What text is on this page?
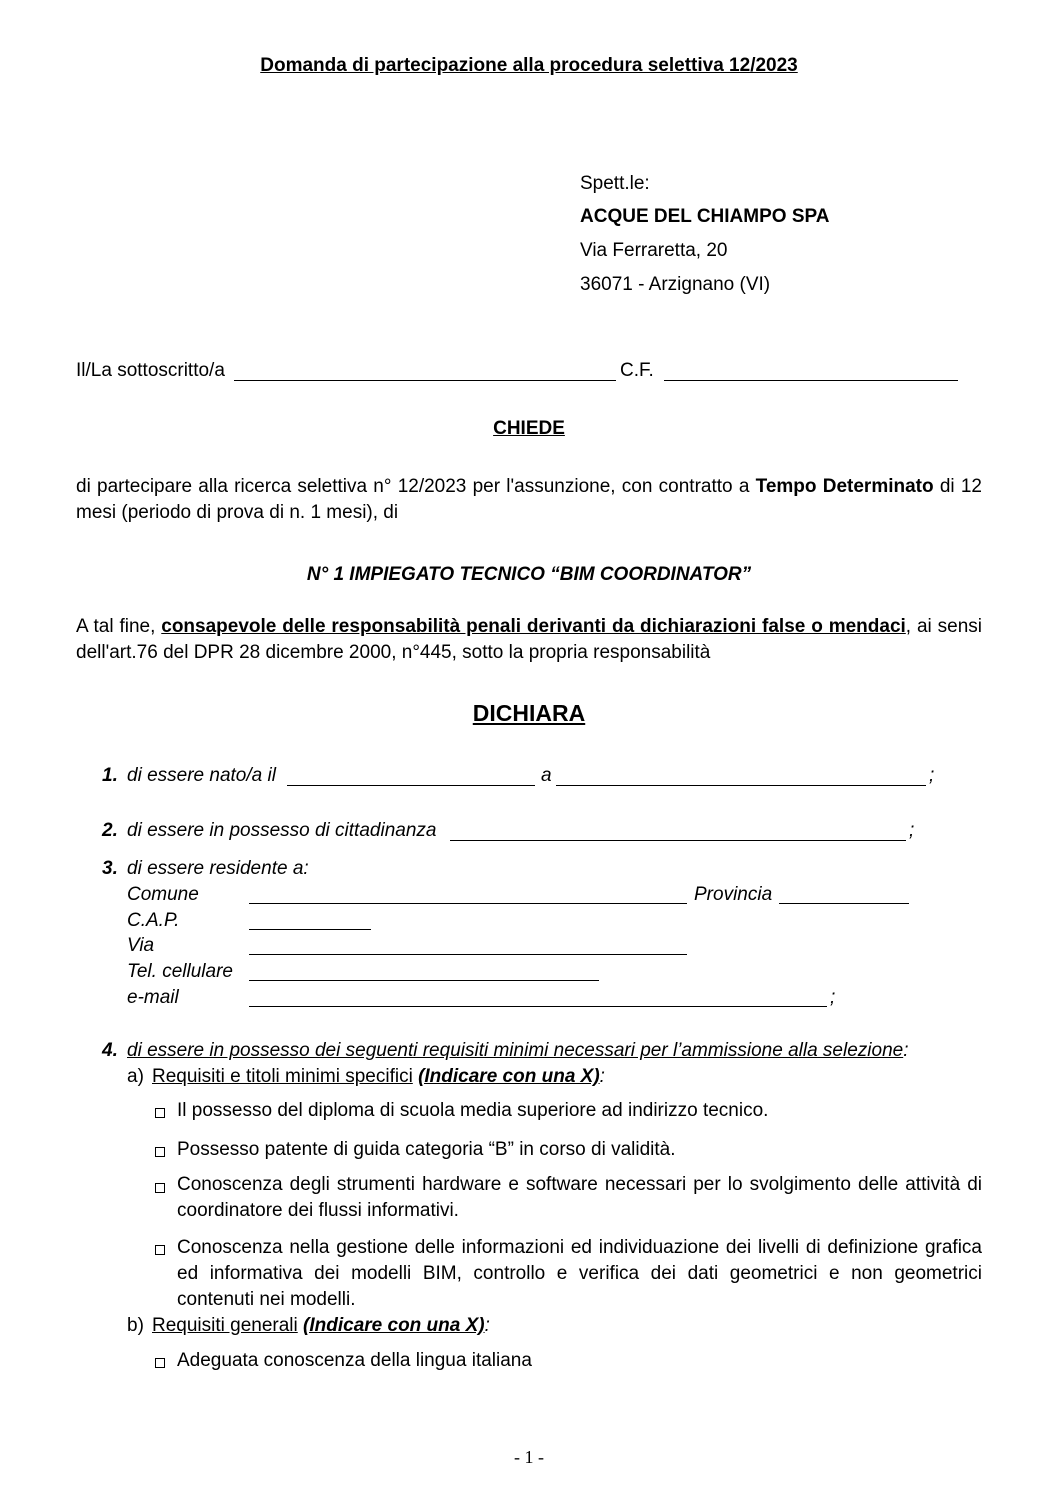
Domanda di partecipazione alla procedura selettiva 12/2023
Spett.le:
ACQUE DEL CHIAMPO SPA
Via Ferraretta, 20
36071 - Arzignano (VI)
Il/La sottoscritto/a	C.F.
CHIEDE
di partecipare alla ricerca selettiva n° 12/2023 per l'assunzione, con contratto a Tempo Determinato di 12 mesi (periodo di prova di n. 1 mesi), di
N° 1 IMPIEGATO TECNICO “BIM COORDINATOR”
A tal fine, consapevole delle responsabilità penali derivanti da dichiarazioni false o mendaci, ai sensi dell'art.76 del DPR 28 dicembre 2000, n°445, sotto la propria responsabilità
DICHIARA
1. di essere nato/a il	a	;
2. di essere in possesso di cittadinanza	;
3. di essere residente a:
Comune	Provincia
C.A.P.
Via
Tel. cellulare
e-mail	;
4. di essere in possesso dei seguenti requisiti minimi necessari per l’ammissione alla selezione:
a) Requisiti e titoli minimi specifici (Indicare con una X):
Il possesso del diploma di scuola media superiore ad indirizzo tecnico.
Possesso patente di guida categoria “B” in corso di validità.
Conoscenza degli strumenti hardware e software necessari per lo svolgimento delle attività di coordinatore dei flussi informativi.
Conoscenza nella gestione delle informazioni ed individuazione dei livelli di definizione grafica ed informativa dei modelli BIM, controllo e verifica dei dati geometrici e non geometrici contenuti nei modelli.
b) Requisiti generali (Indicare con una X):
Adeguata conoscenza della lingua italiana
- 1 -
